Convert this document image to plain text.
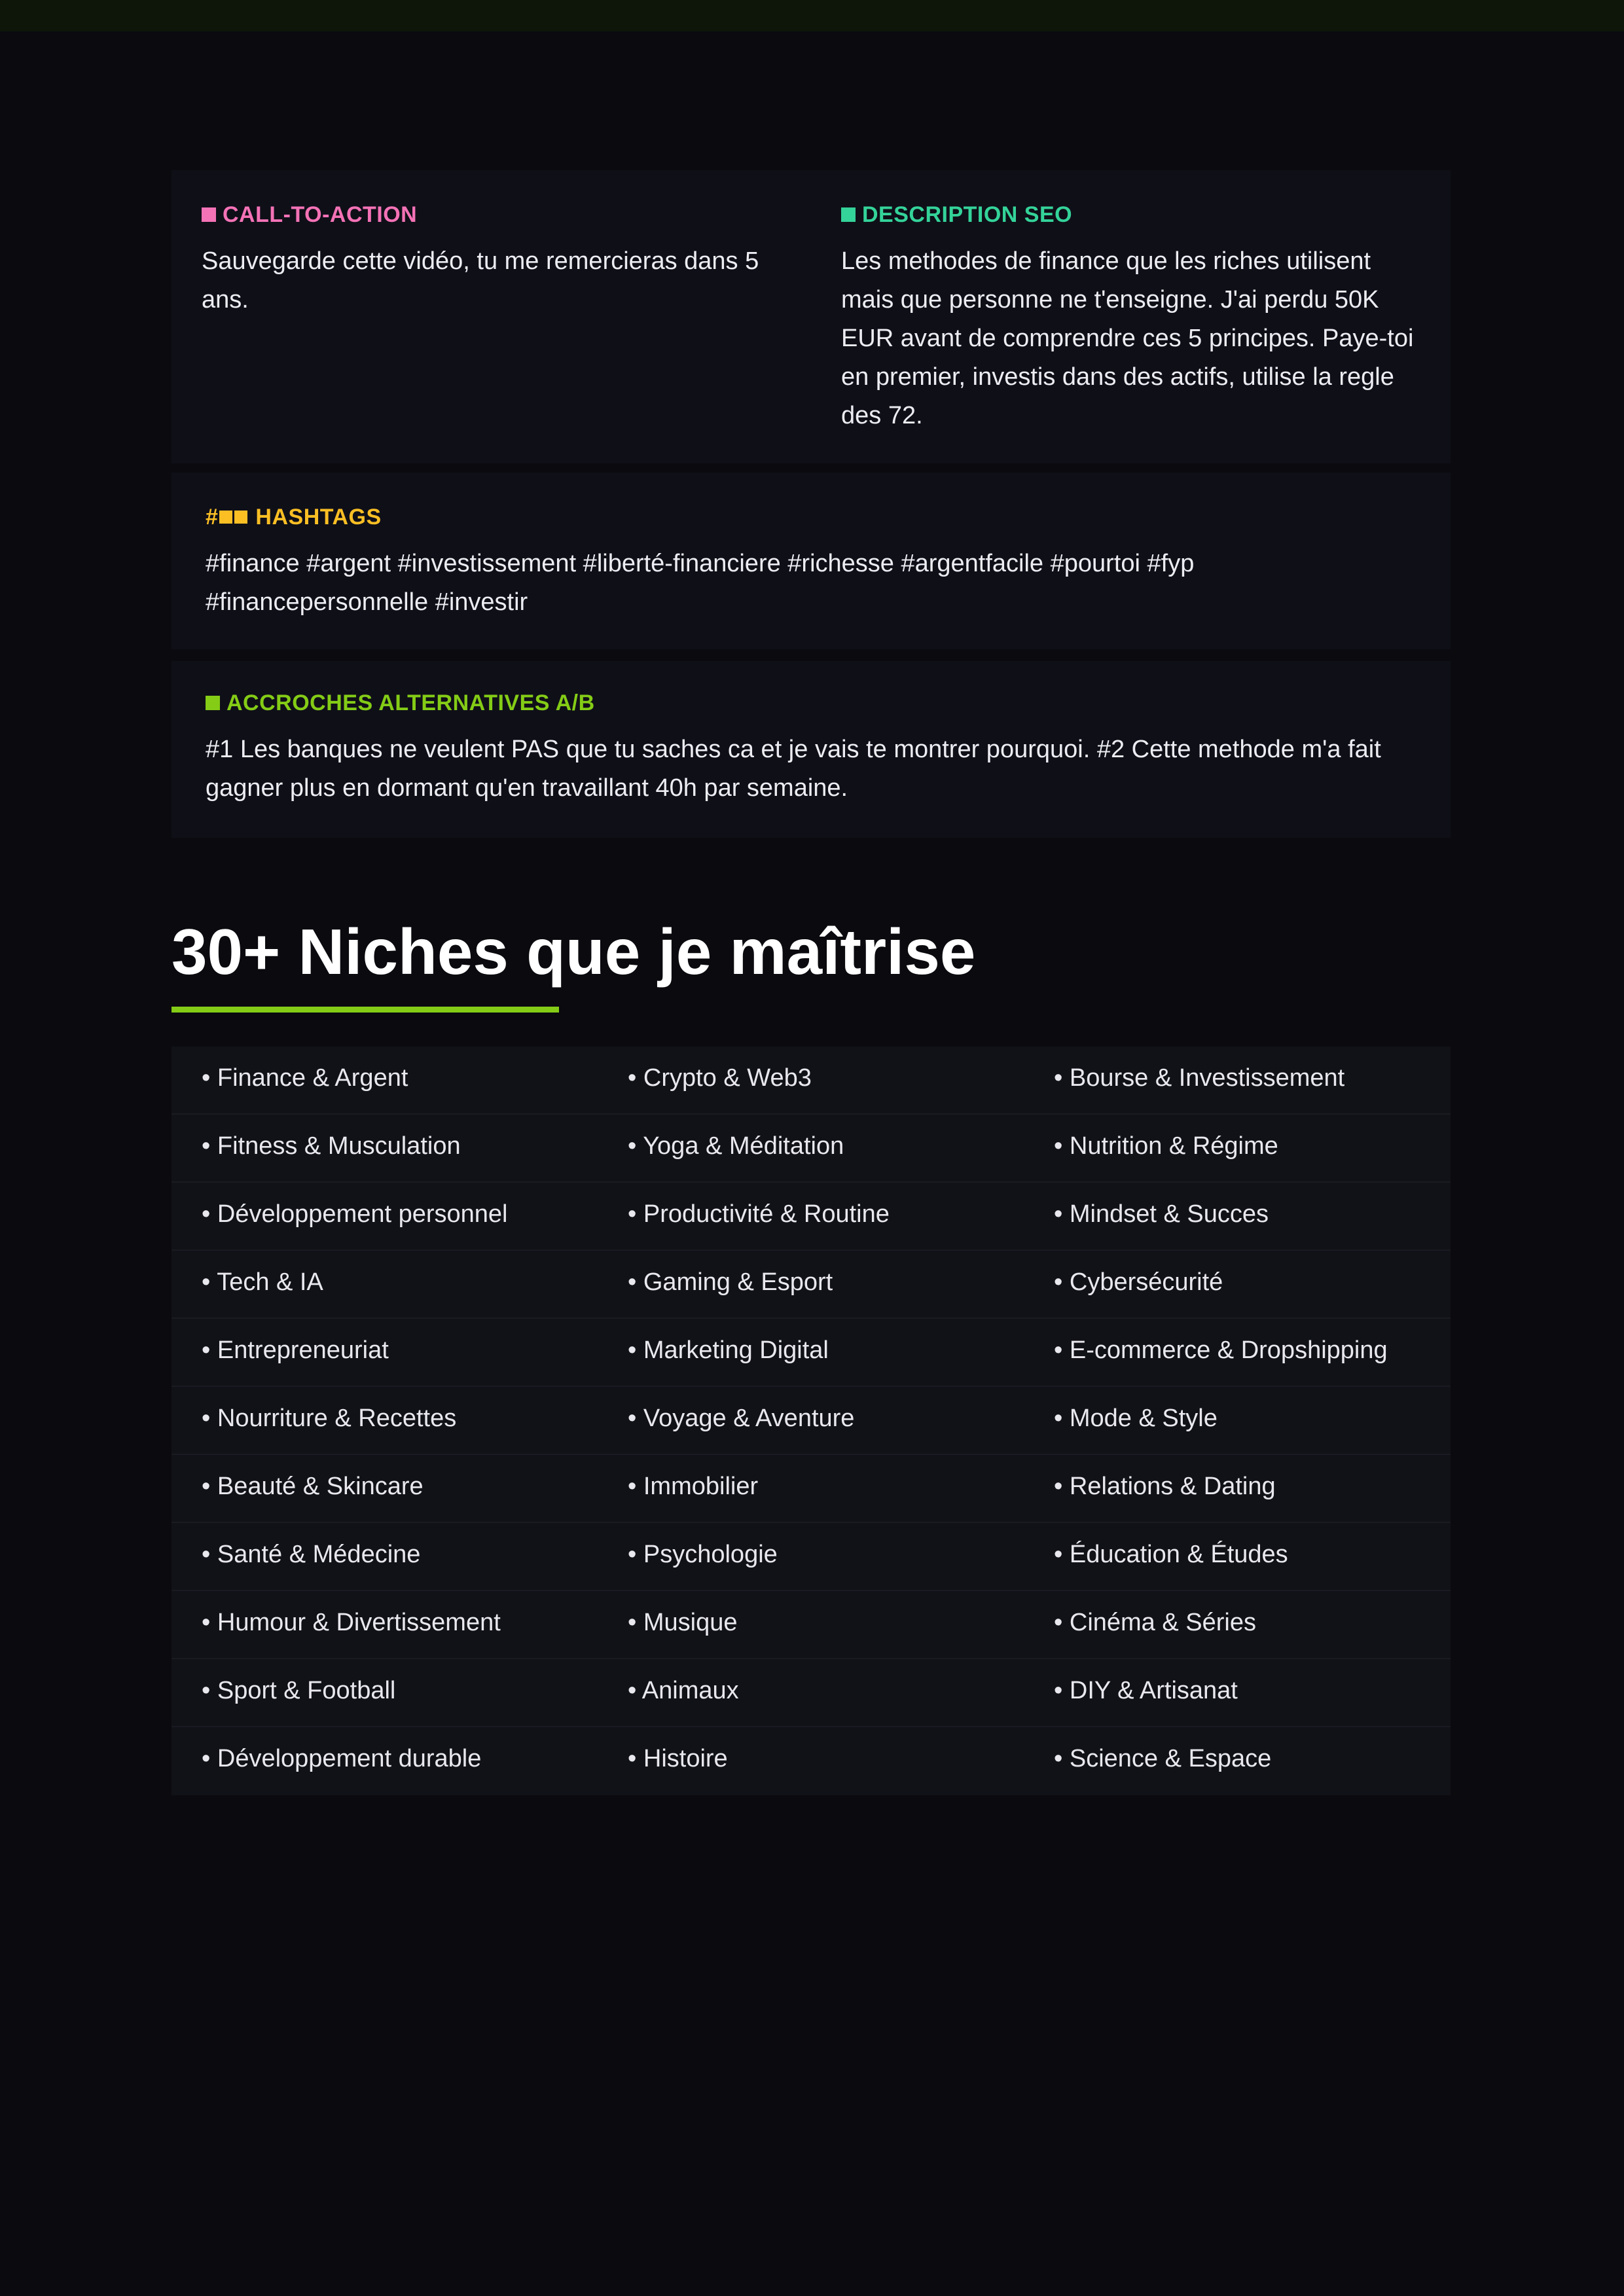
CALL-TO-ACTION
Sauvegarde cette vidéo, tu me remercieras dans 5 ans.
DESCRIPTION SEO
Les methodes de finance que les riches utilisent mais que personne ne t'enseigne. J'ai perdu 50K EUR avant de comprendre ces 5 principes. Paye-toi en premier, investis dans des actifs, utilise la regle des 72.
# HASHTAGS
#finance #argent #investissement #liberté-financiere #richesse #argentfacile #pourtoi #fyp #financepersonnelle #investir
ACCROCHES ALTERNATIVES A/B
#1 Les banques ne veulent PAS que tu saches ca et je vais te montrer pourquoi. #2 Cette methode m'a fait gagner plus en dormant qu'en travaillant 40h par semaine.
30+ Niches que je maîtrise
• Finance & Argent	• Crypto & Web3	• Bourse & Investissement
• Fitness & Musculation	• Yoga & Méditation	• Nutrition & Régime
• Développement personnel	• Productivité & Routine	• Mindset & Succes
• Tech & IA	• Gaming & Esport	• Cybersécurité
• Entrepreneuriat	• Marketing Digital	• E-commerce & Dropshipping
• Nourriture & Recettes	• Voyage & Aventure	• Mode & Style
• Beauté & Skincare	• Immobilier	• Relations & Dating
• Santé & Médecine	• Psychologie	• Éducation & Études
• Humour & Divertissement	• Musique	• Cinéma & Séries
• Sport & Football	• Animaux	• DIY & Artisanat
• Développement durable	• Histoire	• Science & Espace
